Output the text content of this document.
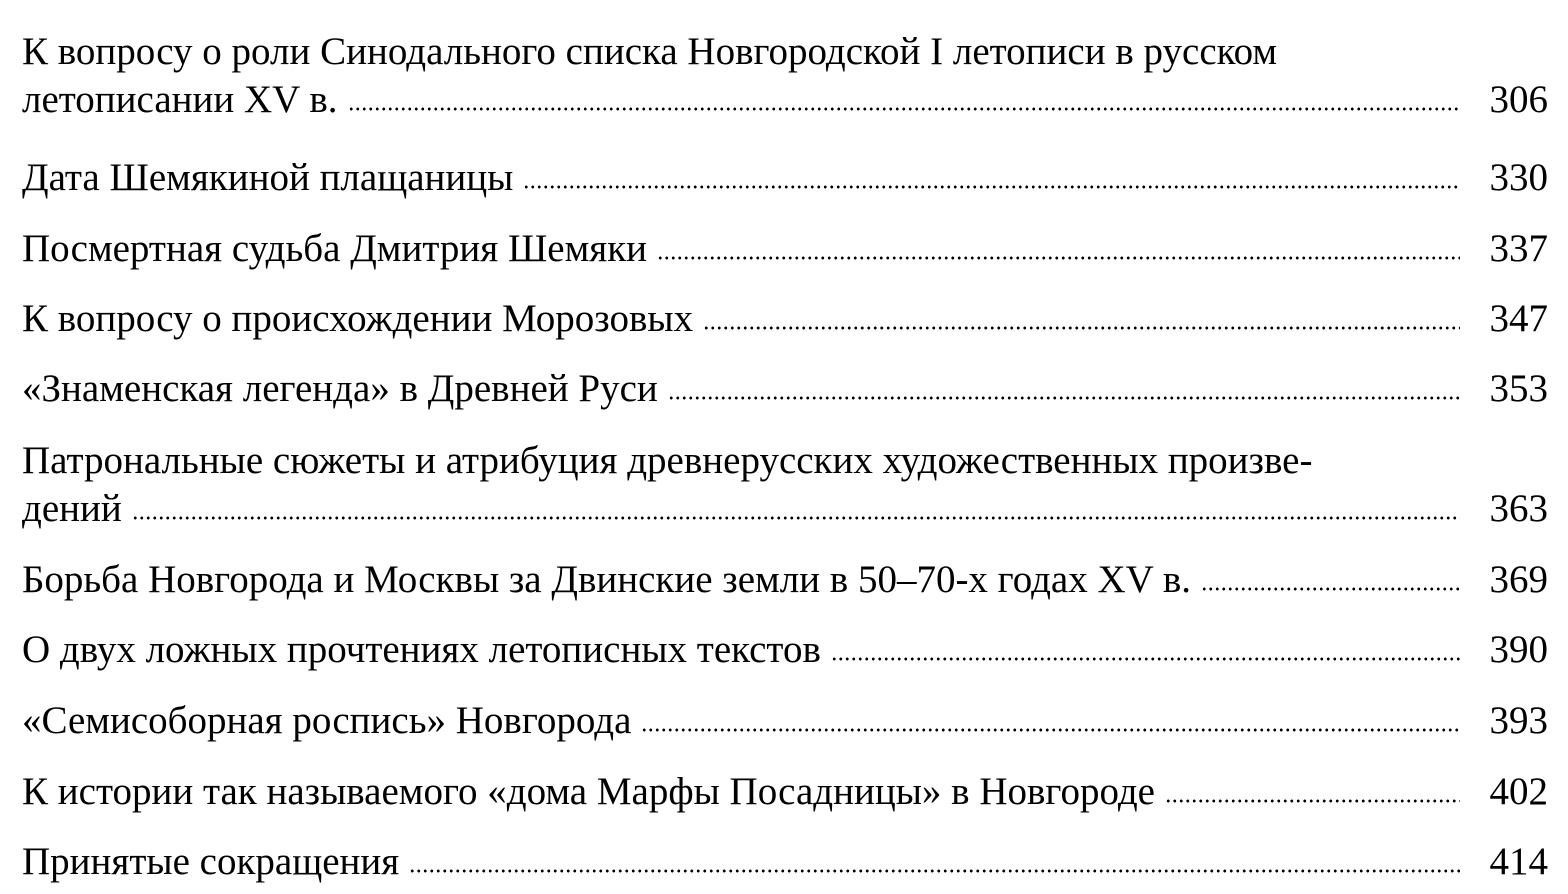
К вопросу о роли Синодального списка Новгородской I летописи в русском
летописании XV в.	306
Дата Шемякиной плащаницы	330
Посмертная судьба Дмитрия Шемяки	337
К вопросу о происхождении Морозовых	347
«Знаменская легенда» в Древней Руси	353
Патрональные сюжеты и атрибуция древнерусских художественных произве-
дений	363
Борьба Новгорода и Москвы за Двинские земли в 50–70-х годах XV в.	369
О двух ложных прочтениях летописных текстов	390
«Семисоборная роспись» Новгорода	393
К истории так называемого «дома Марфы Посадницы» в Новгороде	402
Принятые сокращения	414
